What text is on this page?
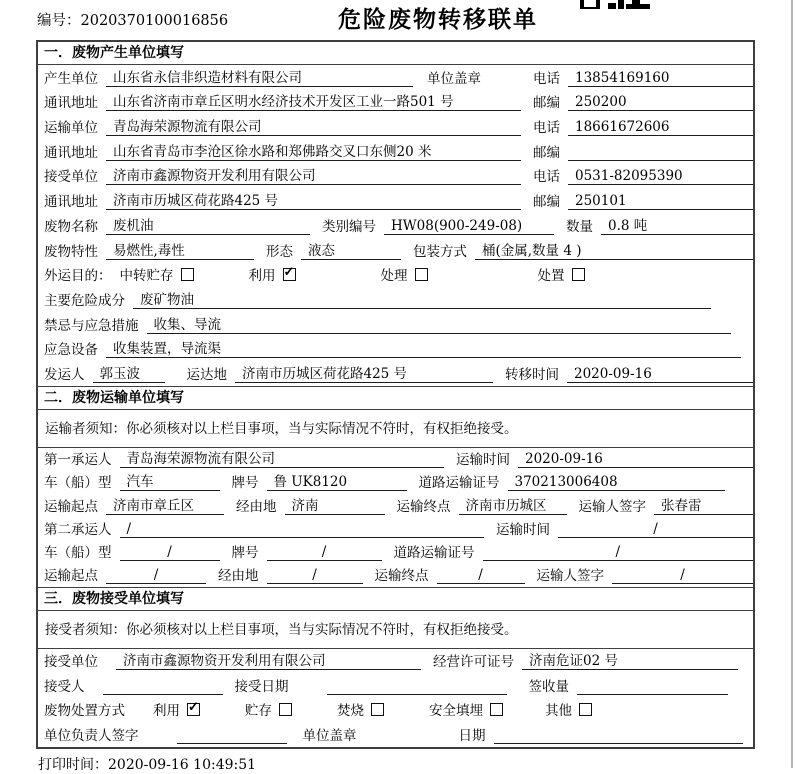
编号：2020370100016856	危险废物转移联单
一．废物产生单位填写
产生单位	山东省永信非织造材料有限公司	单位盖章	电话	13854169160
通讯地址	山东省济南市章丘区明水经济技术开发区工业一路501 号	邮编	250200
运输单位	青岛海荣源物流有限公司	电话	18661672606
通讯地址	山东省青岛市李沧区徐水路和郑佛路交叉口东侧20 米	邮编
接受单位	济南市鑫源物资开发利用有限公司	电话	0531-82095390
通讯地址	济南市历城区荷花路425 号	邮编	250101
废物名称	废机油	类别编号	HW08(900-249-08)	数量	0.8 吨
废物特性	易燃性,毒性	形态	液态	包装方式	桶(金属,数量 4 )
外运目的： 中转贮存	利用 ✓	处理	处置
主要危险成分	废矿物油
禁忌与应急措施	收集、导流
应急设备	收集装置，导流渠
发运人	郭玉波	运达地	济南市历城区荷花路425 号	转移时间	2020-09-16
二．废物运输单位填写
运输者须知：你必须核对以上栏目事项，当与实际情况不符时，有权拒绝接受。
第一承运人	青岛海荣源物流有限公司	运输时间	2020-09-16
车（船）型	汽车	牌号	鲁 UK8120	道路运输证号	370213006408
运输起点	济南市章丘区	经由地	济南	运输终点	济南市历城区	运输人签字	张春雷
第二承运人	/	运输时间	/
车（船）型	/	牌号	/	道路运输证号	/
运输起点	/	经由地	/	运输终点	/	运输人签字	/
三．废物接受单位填写
接受者须知：你必须核对以上栏目事项，当与实际情况不符时，有权拒绝接受。
接受单位	济南市鑫源物资开发利用有限公司	经营许可证号	济南危证02 号
接受人	接受日期	签收量
废物处置方式 利用 ✓	贮存	焚烧	安全填埋	其他
单位负责人签字	单位盖章	日期
打印时间：2020-09-16 10:49:51
